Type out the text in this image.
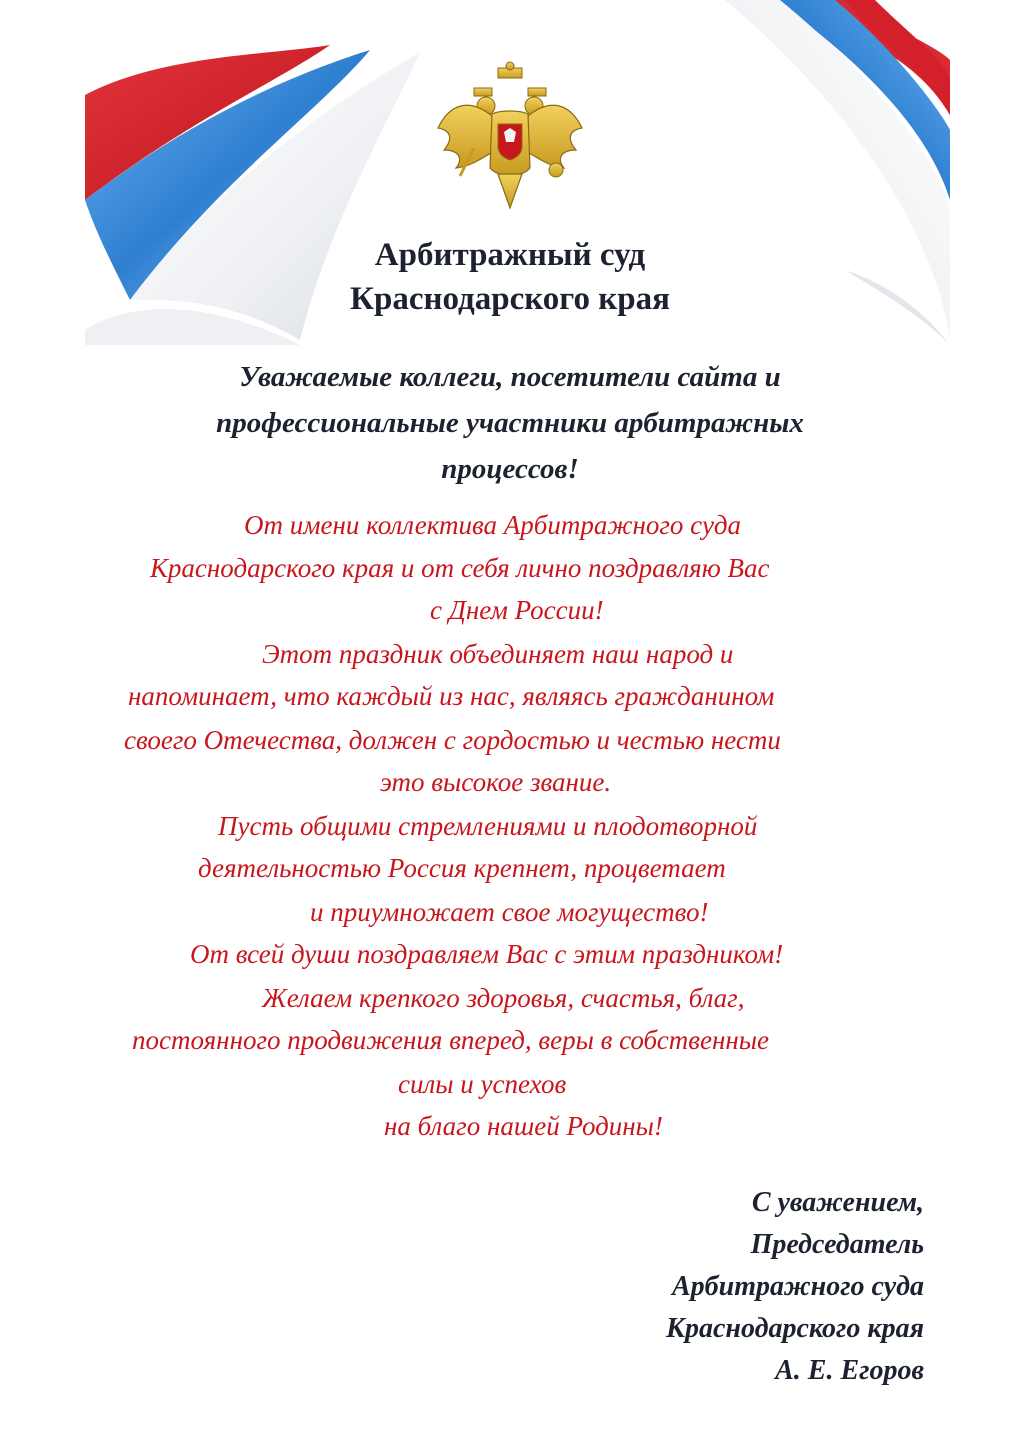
Арбитражный суд
Краснодарского края
Уважаемые коллеги, посетители сайта и
профессиональные участники арбитражных
процессов!
От имени коллектива Арбитражного суда
Краснодарского края и от себя лично поздравляю Вас
с Днем России!
Этот праздник объединяет наш народ и
напоминает, что каждый из нас, являясь гражданином
своего Отечества, должен с гордостью и честью нести
это высокое звание.
Пусть общими стремлениями и плодотворной
деятельностью Россия крепнет, процветает
и приумножает свое могущество!
От всей души поздравляем Вас с этим праздником!
Желаем крепкого здоровья, счастья, благ,
постоянного продвижения вперед, веры в собственные
силы и успехов
на благо нашей Родины!
С уважением,
Председатель
Арбитражного суда
Краснодарского края
А. Е. Егоров
